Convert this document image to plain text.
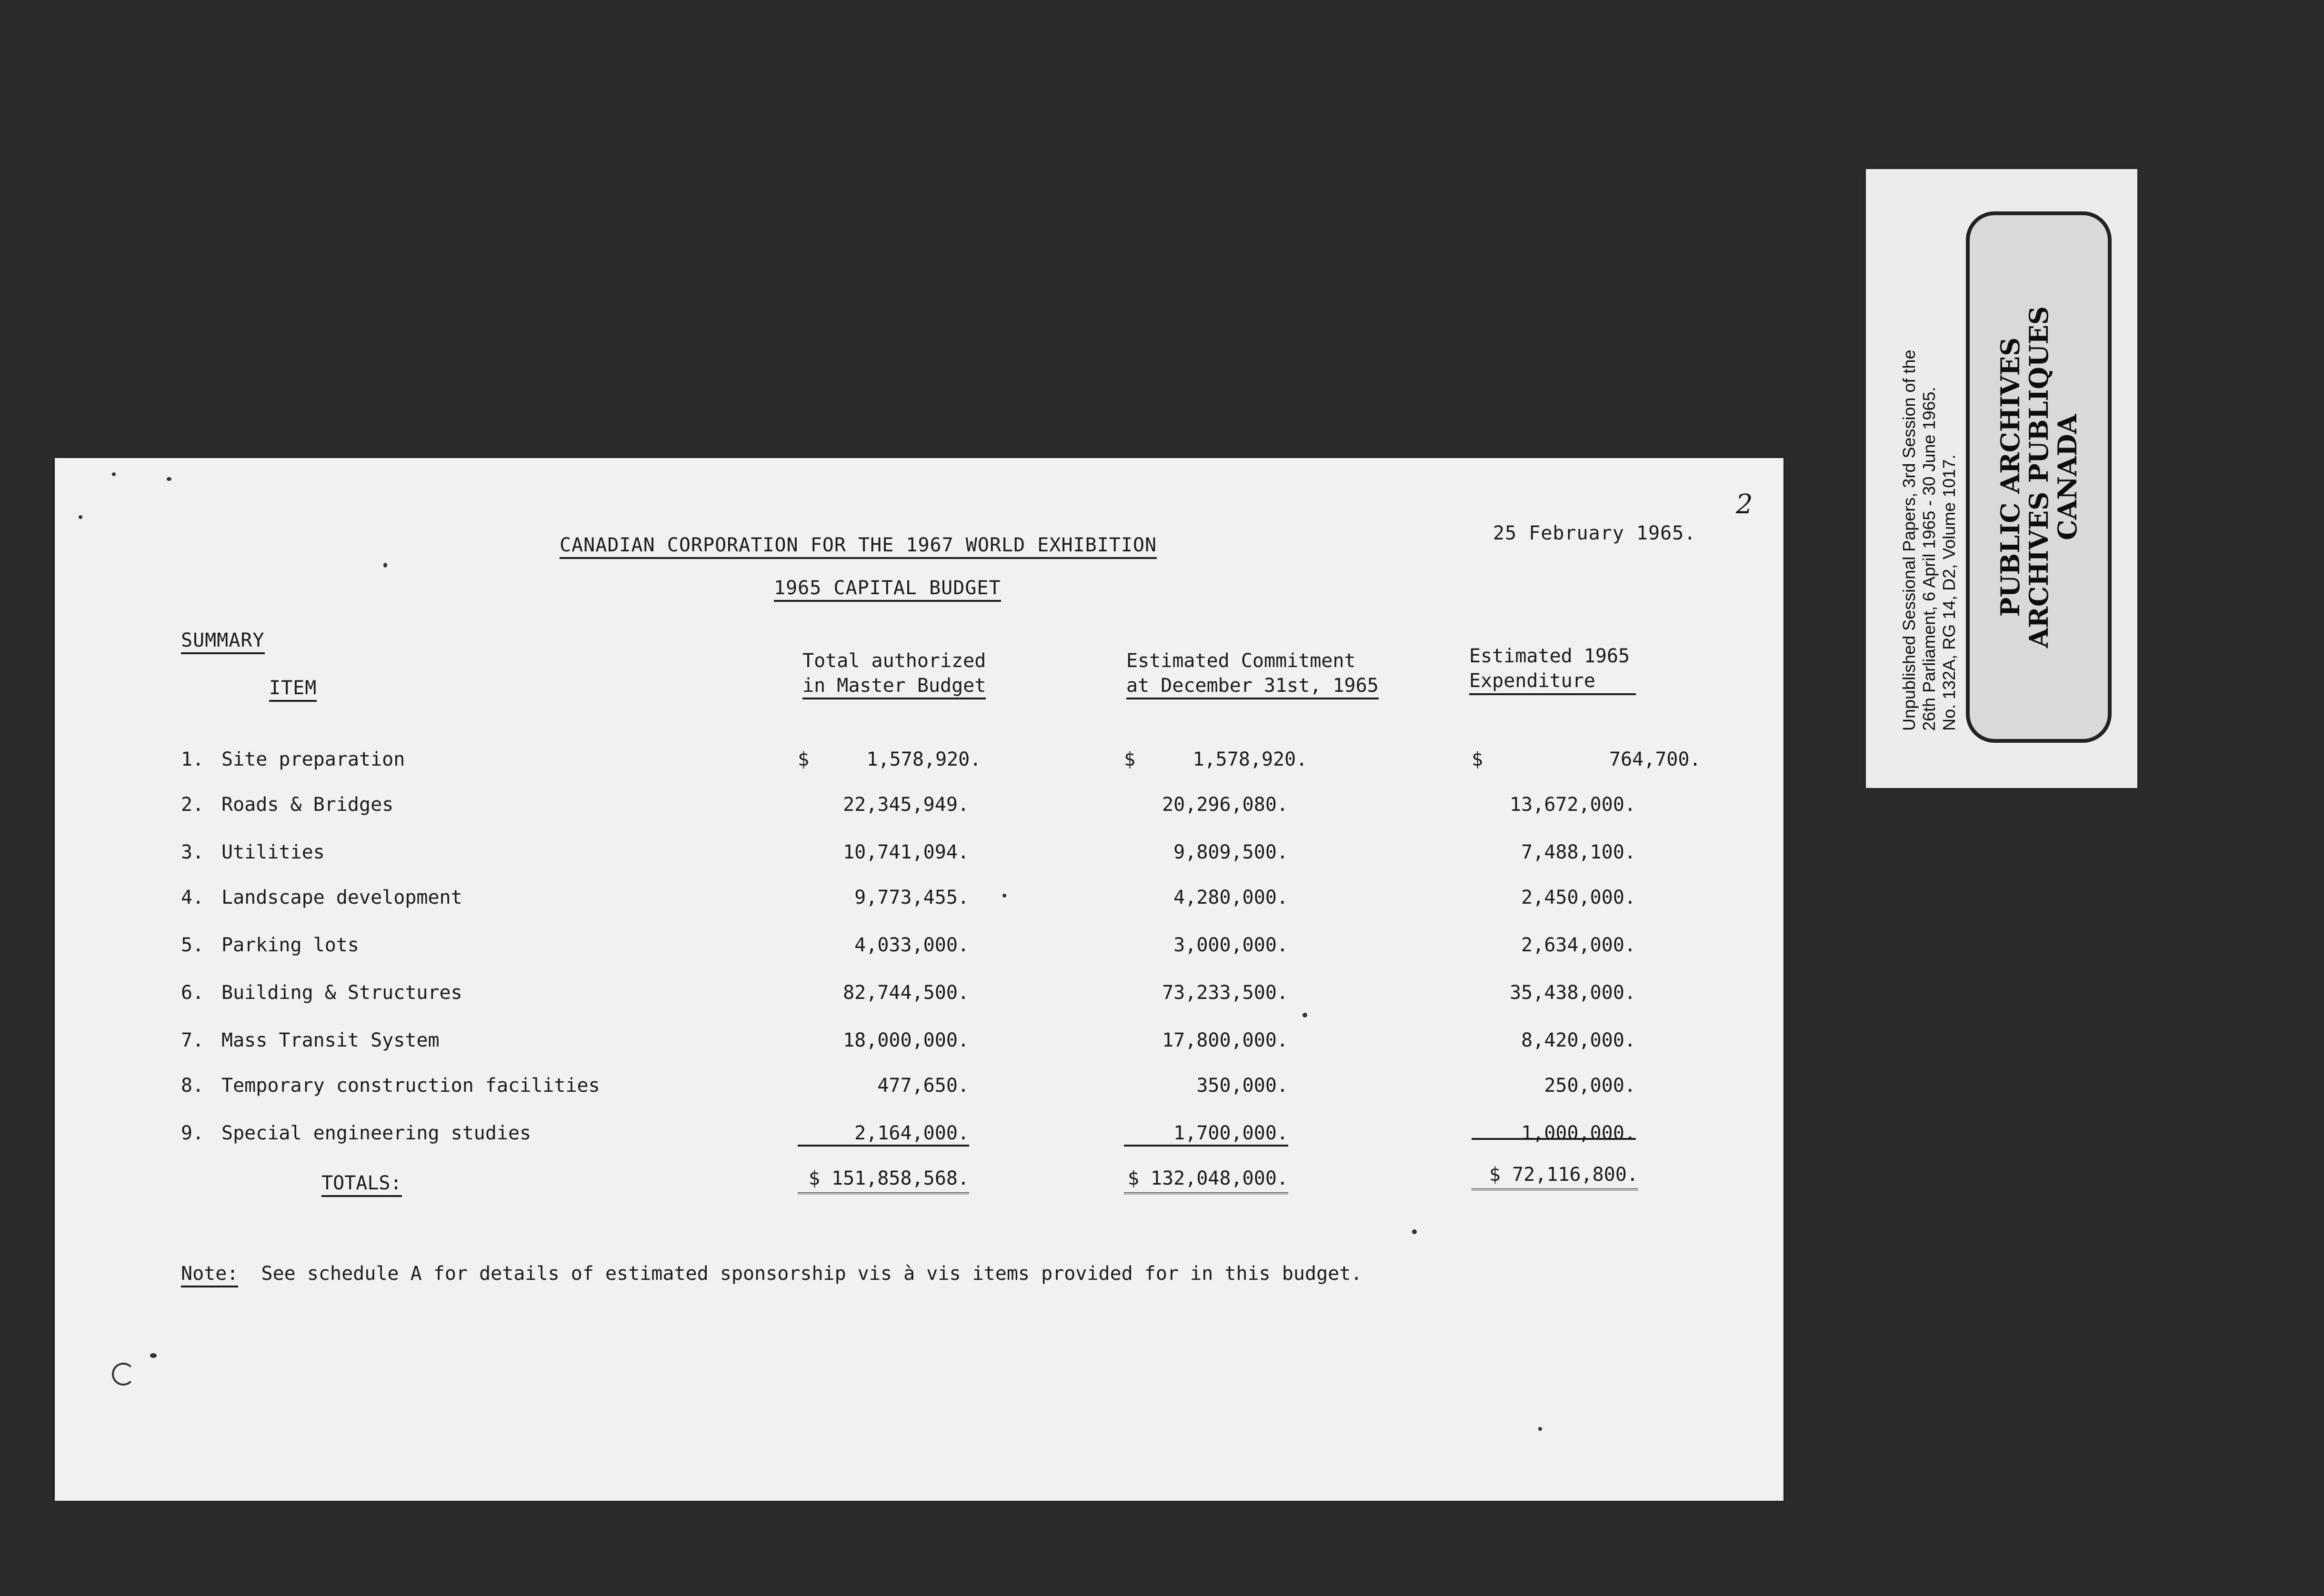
CANADIAN CORPORATION FOR THE 1967 WORLD EXHIBITION
25 February 1965.
2
1965 CAPITAL BUDGET
SUMMARY
ITEM
Total authorized
in Master Budget
Estimated Commitment
at December 31st, 1965
Estimated 1965
Expenditure
1. Site preparation	$     1,578,920.	$     1,578,920.	$           764,700.
2. Roads & Bridges	22,345,949.	20,296,080.	13,672,000.
3. Utilities	10,741,094.	9,809,500.	7,488,100.
4. Landscape development	9,773,455.	4,280,000.	2,450,000.
5. Parking lots	4,033,000.	3,000,000.	2,634,000.
6. Building & Structures	82,744,500.	73,233,500.	35,438,000.
7. Mass Transit System	18,000,000.	17,800,000.	8,420,000.
8. Temporary construction facilities	477,650.	350,000.	250,000.
9. Special engineering studies	2,164,000.	1,700,000.	1,000,000.
TOTALS:	$ 151,858,568.	$ 132,048,000.	$ 72,116,800.
Note: See schedule A for details of estimated sponsorship vis à vis items provided for in this budget.
Unpublished Sessional Papers, 3rd Session of the 26th Parliament, 6 April 1965 - 30 June 1965. No. 132A, RG 14, D2, Volume 1017. PUBLIC ARCHIVES
ARCHIVES PUBLIQUES
CANADA
